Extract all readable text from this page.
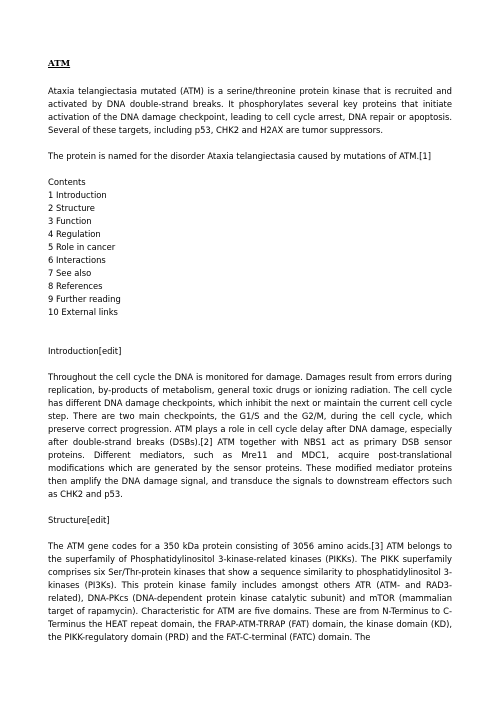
ATM

Ataxia telangiectasia mutated (ATM) is a serine/threonine protein kinase that is recruited and activated by DNA double-strand breaks. It phosphorylates several key proteins that initiate activation of the DNA damage checkpoint, leading to cell cycle arrest, DNA repair or apoptosis. Several of these targets, including p53, CHK2 and H2AX are tumor suppressors.

The protein is named for the disorder Ataxia telangiectasia caused by mutations of ATM.[1]

Contents
1 Introduction
2 Structure
3 Function
4 Regulation
5 Role in cancer
6 Interactions
7 See also
8 References
9 Further reading
10 External links
Introduction[edit]

Throughout the cell cycle the DNA is monitored for damage. Damages result from errors during replication, by-products of metabolism, general toxic drugs or ionizing radiation. The cell cycle has different DNA damage checkpoints, which inhibit the next or maintain the current cell cycle step. There are two main checkpoints, the G1/S and the G2/M, during the cell cycle, which preserve correct progression. ATM plays a role in cell cycle delay after DNA damage, especially after double-strand breaks (DSBs).[2] ATM together with NBS1 act as primary DSB sensor proteins. Different mediators, such as Mre11 and MDC1, acquire post-translational modifications which are generated by the sensor proteins. These modified mediator proteins then amplify the DNA damage signal, and transduce the signals to downstream effectors such as CHK2 and p53.

Structure[edit]

The ATM gene codes for a 350 kDa protein consisting of 3056 amino acids.[3] ATM belongs to the superfamily of Phosphatidylinositol 3-kinase-related kinases (PIKKs). The PIKK superfamily comprises six Ser/Thr-protein kinases that show a sequence similarity to phosphatidylinositol 3-kinases (PI3Ks). This protein kinase family includes amongst others ATR (ATM- and RAD3-related), DNA-PKcs (DNA-dependent protein kinase catalytic subunit) and mTOR (mammalian target of rapamycin). Characteristic for ATM are five domains. These are from N-Terminus to C-Terminus the HEAT repeat domain, the FRAP-ATM-TRRAP (FAT) domain, the kinase domain (KD), the PIKK-regulatory domain (PRD) and the FAT-C-terminal (FATC) domain. The
